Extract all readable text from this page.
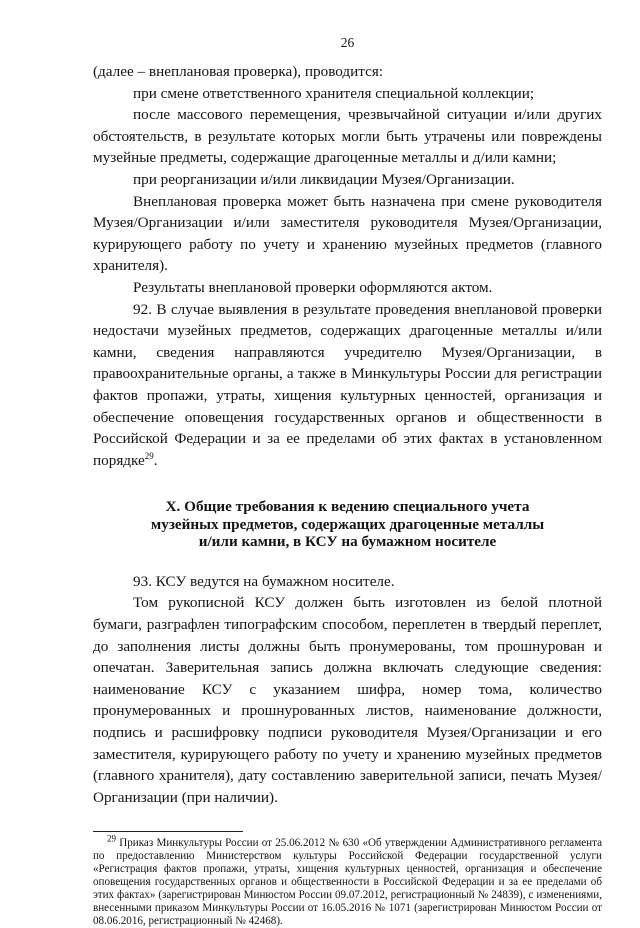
26

(далее – внеплановая проверка), проводится:

при смене ответственного хранителя специальной коллекции;

после массового перемещения, чрезвычайной ситуации и/или других обстоятельств, в результате которых могли быть утрачены или повреждены музейные предметы, содержащие драгоценные металлы и д/или камни;

при реорганизации и/или ликвидации Музея/Организации.

Внеплановая проверка может быть назначена при смене руководителя Музея/Организации и/или заместителя руководителя Музея/Организации, курирующего работу по учету и хранению музейных предметов (главного хранителя).

Результаты внеплановой проверки оформляются актом.

92. В случае выявления в результате проведения внеплановой проверки недостачи музейных предметов, содержащих драгоценные металлы и/или камни, сведения направляются учредителю Музея/Организации, в правоохранительные органы, а также в Минкультуры России для регистрации фактов пропажи, утраты, хищения культурных ценностей, организация и обеспечение оповещения государственных органов и общественности в Российской Федерации и за ее пределами об этих фактах в установленном порядке$^{29}$.

X. Общие требования к ведению специального учета
музейных предметов, содержащих драгоценные металлы
и/или камни, в КСУ на бумажном носителе

93. КСУ ведутся на бумажном носителе.

Том рукописной КСУ должен быть изготовлен из белой плотной бумаги, разграфлен типографским способом, переплетен в твердый переплет, до заполнения листы должны быть пронумерованы, том прошнурован и опечатан. Заверительная запись должна включать следующие сведения: наименование КСУ с указанием шифра, номер тома, количество пронумерованных и прошнурованных листов, наименование должности, подпись и расшифровку подписи руководителя Музея/Организации и его заместителя, курирующего работу по учету и хранению музейных предметов (главного хранителя), дату составлению заверительной записи, печать Музея/Организации (при наличии).

$^{29}$ Приказ Минкультуры России от 25.06.2012 № 630 «Об утверждении Административного регламента по предоставлению Министерством культуры Российской Федерации государственной услуги «Регистрация фактов пропажи, утраты, хищения культурных ценностей, организация и обеспечение оповещения государственных органов и общественности в Российской Федерации и за ее пределами об этих фактах» (зарегистрирован Минюстом России 09.07.2012, регистрационный № 24839), с изменениями, внесенными приказом Минкультуры России от 16.05.2016 № 1071 (зарегистрирован Минюстом России от 08.06.2016, регистрационный № 42468).
